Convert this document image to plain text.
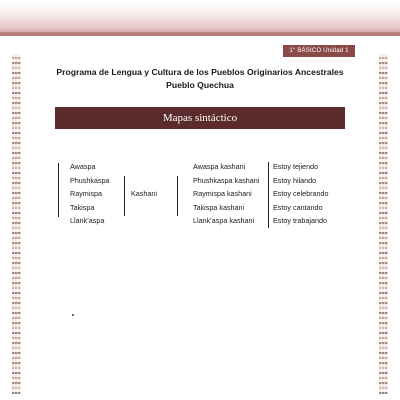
1° BÁSICO Unidad 1
Programa de Lengua y Cultura de los Pueblos Originarios Ancestrales
Pueblo Quechua
Mapas sintáctico
Awaspa
Phushkaspa
Raymispa
Takispa
Llank’aspa
Kashani
Awaspa kashani
Phushkaspa kashani
Raymispa kashani
Takispa kashani
Llank’aspa kashani
Estoy tejiendo
Estoy hilando
Estoy celebrando
Estoy cantando
Estoy trabajando
